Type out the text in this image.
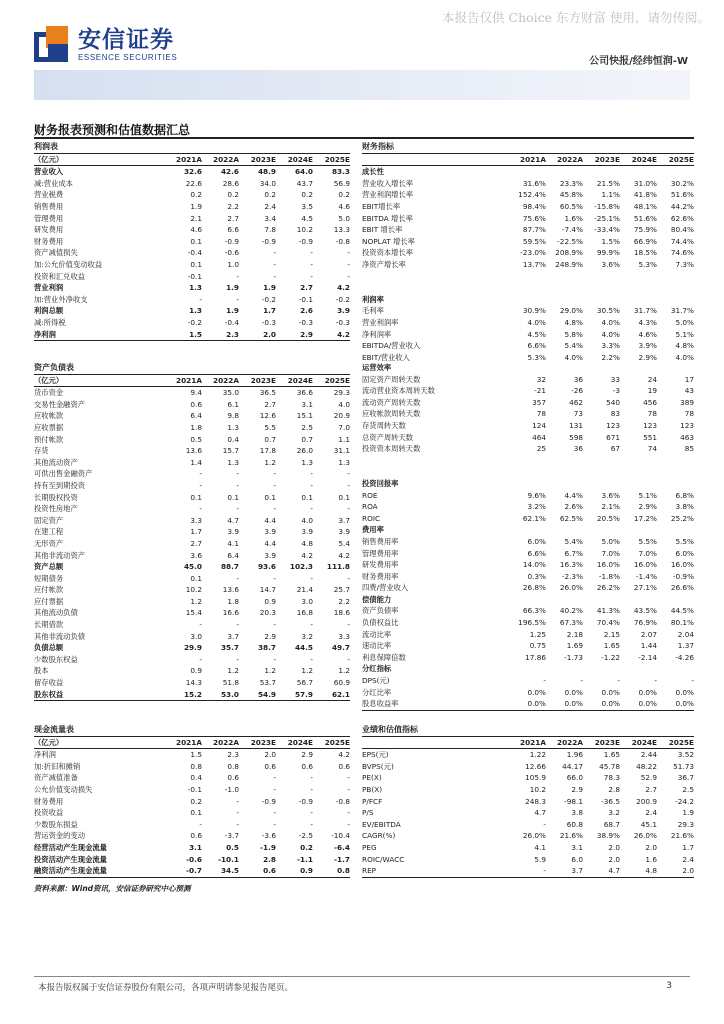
本报告仅供 Choice 东方财富 使用，请勿传阅。
安信证券
ESSENCE SECURITIES	公司快报/经纬恒润-W
财务报表预测和估值数据汇总
利润表
（亿元）	2021A	2022A	2023E	2024E	2025E
营业收入	32.6	42.6	48.9	64.0	83.3
减:营业成本	22.6	28.6	34.0	43.7	56.9
营业税费	0.2	0.2	0.2	0.2	0.2
销售费用	1.9	2.2	2.4	3.5	4.6
管理费用	2.1	2.7	3.4	4.5	5.0
研发费用	4.6	6.6	7.8	10.2	13.3
财务费用	0.1	-0.9	-0.9	-0.9	-0.8
资产减值损失	-0.4	-0.6	-	-	-
加:公允价值变动收益	0.1	1.0	-	-	-
投资和汇兑收益	-0.1	-	-	-	-
营业利润	1.3	1.9	1.9	2.7	4.2
加:营业外净收支	-	-	-0.2	-0.1	-0.2
利润总额	1.3	1.9	1.7	2.6	3.9
减:所得税	-0.2	-0.4	-0.3	-0.3	-0.3
净利润	1.5	2.3	2.0	2.9	4.2
财务指标
2021A	2022A	2023E	2024E	2025E
成长性
营业收入增长率	31.6%	23.3%	21.5%	31.0%	30.2%
营业利润增长率	152.4%	45.8%	1.1%	41.8%	51.6%
EBIT增长率	98.4%	60.5%	-15.8%	48.1%	44.2%
EBITDA 增长率	75.6%	1.6%	-25.1%	51.6%	62.6%
EBIT 增长率	87.7%	-7.4%	-33.4%	75.9%	80.4%
NOPLAT 增长率	59.5%	-22.5%	1.5%	66.9%	74.4%
投资资本增长率	-23.0%	208.9%	99.9%	18.5%	74.6%
净资产增长率	13.7%	248.9%	3.6%	5.3%	7.3%
利润率
毛利率	30.9%	29.0%	30.5%	31.7%	31.7%
营业利润率	4.0%	4.8%	4.0%	4.3%	5.0%
净利润率	4.5%	5.8%	4.0%	4.6%	5.1%
EBITDA/营业收入	6.6%	5.4%	3.3%	3.9%	4.8%
EBIT/营业收入	5.3%	4.0%	2.2%	2.9%	4.0%
资产负债表
（亿元）	2021A	2022A	2023E	2024E	2025E
货币资金	9.4	35.0	36.5	36.6	29.3
交易性金融资产	0.6	6.1	2.7	3.1	4.0
应收帐款	6.4	9.8	12.6	15.1	20.9
应收票据	1.8	1.3	5.5	2.5	7.0
预付帐款	0.5	0.4	0.7	0.7	1.1
存货	13.6	15.7	17.8	26.0	31.1
其他流动资产	1.4	1.3	1.2	1.3	1.3
可供出售金融资产	-	-	-	-	-
持有至到期投资	-	-	-	-	-
长期股权投资	0.1	0.1	0.1	0.1	0.1
投资性房地产	-	-	-	-	-
固定资产	3.3	4.7	4.4	4.0	3.7
在建工程	1.7	3.9	3.9	3.9	3.9
无形资产	2.7	4.1	4.4	4.8	5.4
其他非流动资产	3.6	6.4	3.9	4.2	4.2
资产总额	45.0	88.7	93.6	102.3	111.8
短期债务	0.1	-	-	-	-
应付帐款	10.2	13.6	14.7	21.4	25.7
应付票据	1.2	1.8	0.9	3.0	2.2
其他流动负债	15.4	16.6	20.3	16.8	18.6
长期借款	-	-	-	-	-
其他非流动负债	3.0	3.7	2.9	3.2	3.3
负债总额	29.9	35.7	38.7	44.5	49.7
少数股东权益	-	-	-	-	-
股本	0.9	1.2	1.2	1.2	1.2
留存收益	14.3	51.8	53.7	56.7	60.9
股东权益	15.2	53.0	54.9	57.9	62.1
运营效率
固定资产周转天数	32	36	33	24	17
流动营业资本周转天数	-21	-26	-3	19	43
流动资产周转天数	357	462	540	456	389
应收帐款周转天数	78	73	83	78	78
存货周转天数	124	131	123	123	123
总资产周转天数	464	598	671	551	463
投资资本周转天数	25	36	67	74	85
投资回报率
ROE	9.6%	4.4%	3.6%	5.1%	6.8%
ROA	3.2%	2.6%	2.1%	2.9%	3.8%
ROIC	62.1%	62.5%	20.5%	17.2%	25.2%
费用率
销售费用率	6.0%	5.4%	5.0%	5.5%	5.5%
管理费用率	6.6%	6.7%	7.0%	7.0%	6.0%
研发费用率	14.0%	16.3%	16.0%	16.0%	16.0%
财务费用率	0.3%	-2.3%	-1.8%	-1.4%	-0.9%
四费/营业收入	26.8%	26.0%	26.2%	27.1%	26.6%
偿债能力
资产负债率	66.3%	40.2%	41.3%	43.5%	44.5%
负债权益比	196.5%	67.3%	70.4%	76.9%	80.1%
流动比率	1.25	2.18	2.15	2.07	2.04
速动比率	0.75	1.69	1.65	1.44	1.37
利息保障倍数	17.86	-1.73	-1.22	-2.14	-4.26
分红指标
DPS(元)	-	-	-	-	-
分红比率	0.0%	0.0%	0.0%	0.0%	0.0%
股息收益率	0.0%	0.0%	0.0%	0.0%	0.0%
现金流量表
（亿元）	2021A	2022A	2023E	2024E	2025E
净利润	1.5	2.3	2.0	2.9	4.2
加:折旧和摊销	0.8	0.8	0.6	0.6	0.6
资产减值准备	0.4	0.6	-	-	-
公允价值变动损失	-0.1	-1.0	-	-	-
财务费用	0.2	-	-0.9	-0.9	-0.8
投资收益	0.1	-	-	-	-
少数股东损益	-	-	-	-	-
营运资金的变动	0.6	-3.7	-3.6	-2.5	-10.4
经营活动产生现金流量	3.1	0.5	-1.9	0.2	-6.4
投资活动产生现金流量	-0.6	-10.1	2.8	-1.1	-1.7
融资活动产生现金流量	-0.7	34.5	0.6	0.9	0.8
业绩和估值指标
2021A	2022A	2023E	2024E	2025E
EPS(元)	1.22	1.96	1.65	2.44	3.52
BVPS(元)	12.66	44.17	45.78	48.22	51.73
PE(X)	105.9	66.0	78.3	52.9	36.7
PB(X)	10.2	2.9	2.8	2.7	2.5
P/FCF	248.3	-98.1	-36.5	200.9	-24.2
P/S	4.7	3.8	3.2	2.4	1.9
EV/EBITDA	-	60.8	68.7	45.1	29.3
CAGR(%)	26.0%	21.6%	38.9%	26.0%	21.6%
PEG	4.1	3.1	2.0	2.0	1.7
ROIC/WACC	5.9	6.0	2.0	1.6	2.4
REP	-	3.7	4.7	4.8	2.0
资料来源：Wind资讯，安信证券研究中心预测
本报告版权属于安信证券股份有限公司，各项声明请参见报告尾页。	3
